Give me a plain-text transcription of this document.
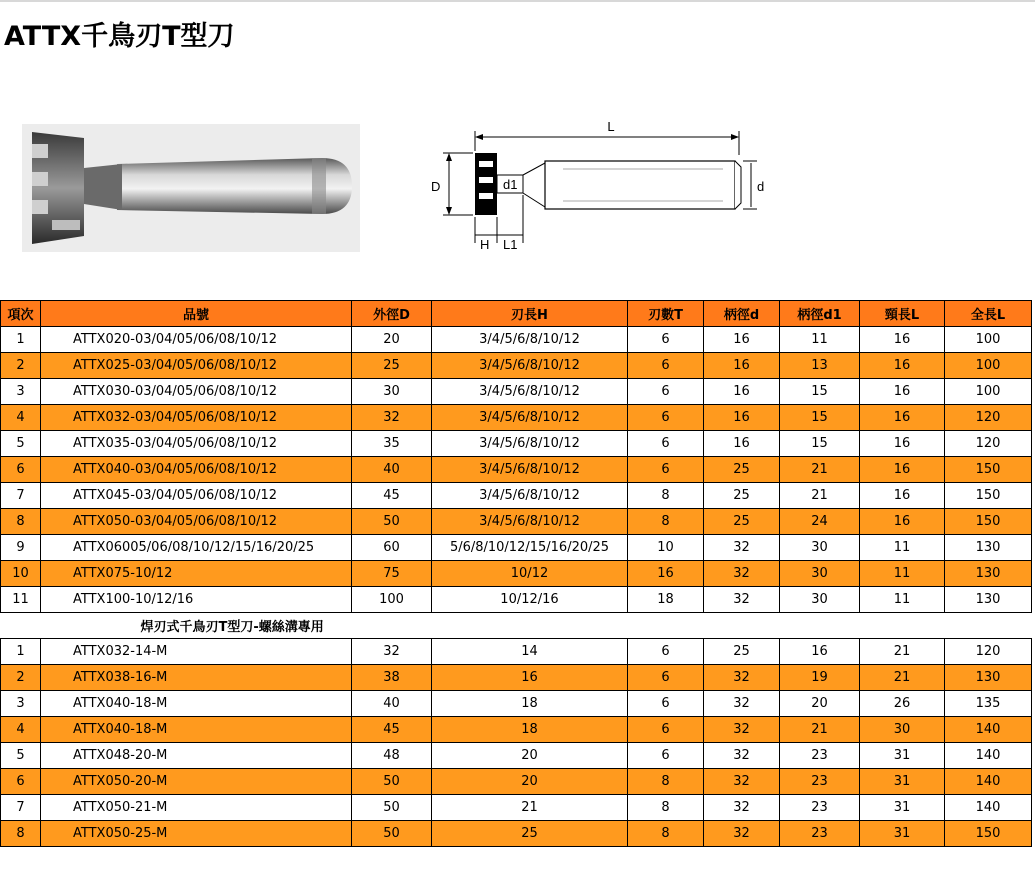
ATTX千鳥刃T型刀
L
D	d1	d
H L1
項次	品號	外徑D	刃長H	刃數T	柄徑d	柄徑d1	頸長L	全長L
1	ATTX020-03/04/05/06/08/10/12	20	3/4/5/6/8/10/12	6	16	11	16	100
2	ATTX025-03/04/05/06/08/10/12	25	3/4/5/6/8/10/12	6	16	13	16	100
3	ATTX030-03/04/05/06/08/10/12	30	3/4/5/6/8/10/12	6	16	15	16	100
4	ATTX032-03/04/05/06/08/10/12	32	3/4/5/6/8/10/12	6	16	15	16	120
5	ATTX035-03/04/05/06/08/10/12	35	3/4/5/6/8/10/12	6	16	15	16	120
6	ATTX040-03/04/05/06/08/10/12	40	3/4/5/6/8/10/12	6	25	21	16	150
7	ATTX045-03/04/05/06/08/10/12	45	3/4/5/6/8/10/12	8	25	21	16	150
8	ATTX050-03/04/05/06/08/10/12	50	3/4/5/6/8/10/12	8	25	24	16	150
9	ATTX06005/06/08/10/12/15/16/20/25	60	5/6/8/10/12/15/16/20/25	10	32	30	11	130
10	ATTX075-10/12	75	10/12	16	32	30	11	130
11	ATTX100-10/12/16	100	10/12/16	18	32	30	11	130
	焊刃式千鳥刃T型刀-螺絲溝專用							
1	ATTX032-14-M	32	14	6	25	16	21	120
2	ATTX038-16-M	38	16	6	32	19	21	130
3	ATTX040-18-M	40	18	6	32	20	26	135
4	ATTX040-18-M	45	18	6	32	21	30	140
5	ATTX048-20-M	48	20	6	32	23	31	140
6	ATTX050-20-M	50	20	8	32	23	31	140
7	ATTX050-21-M	50	21	8	32	23	31	140
8	ATTX050-25-M	50	25	8	32	23	31	150
